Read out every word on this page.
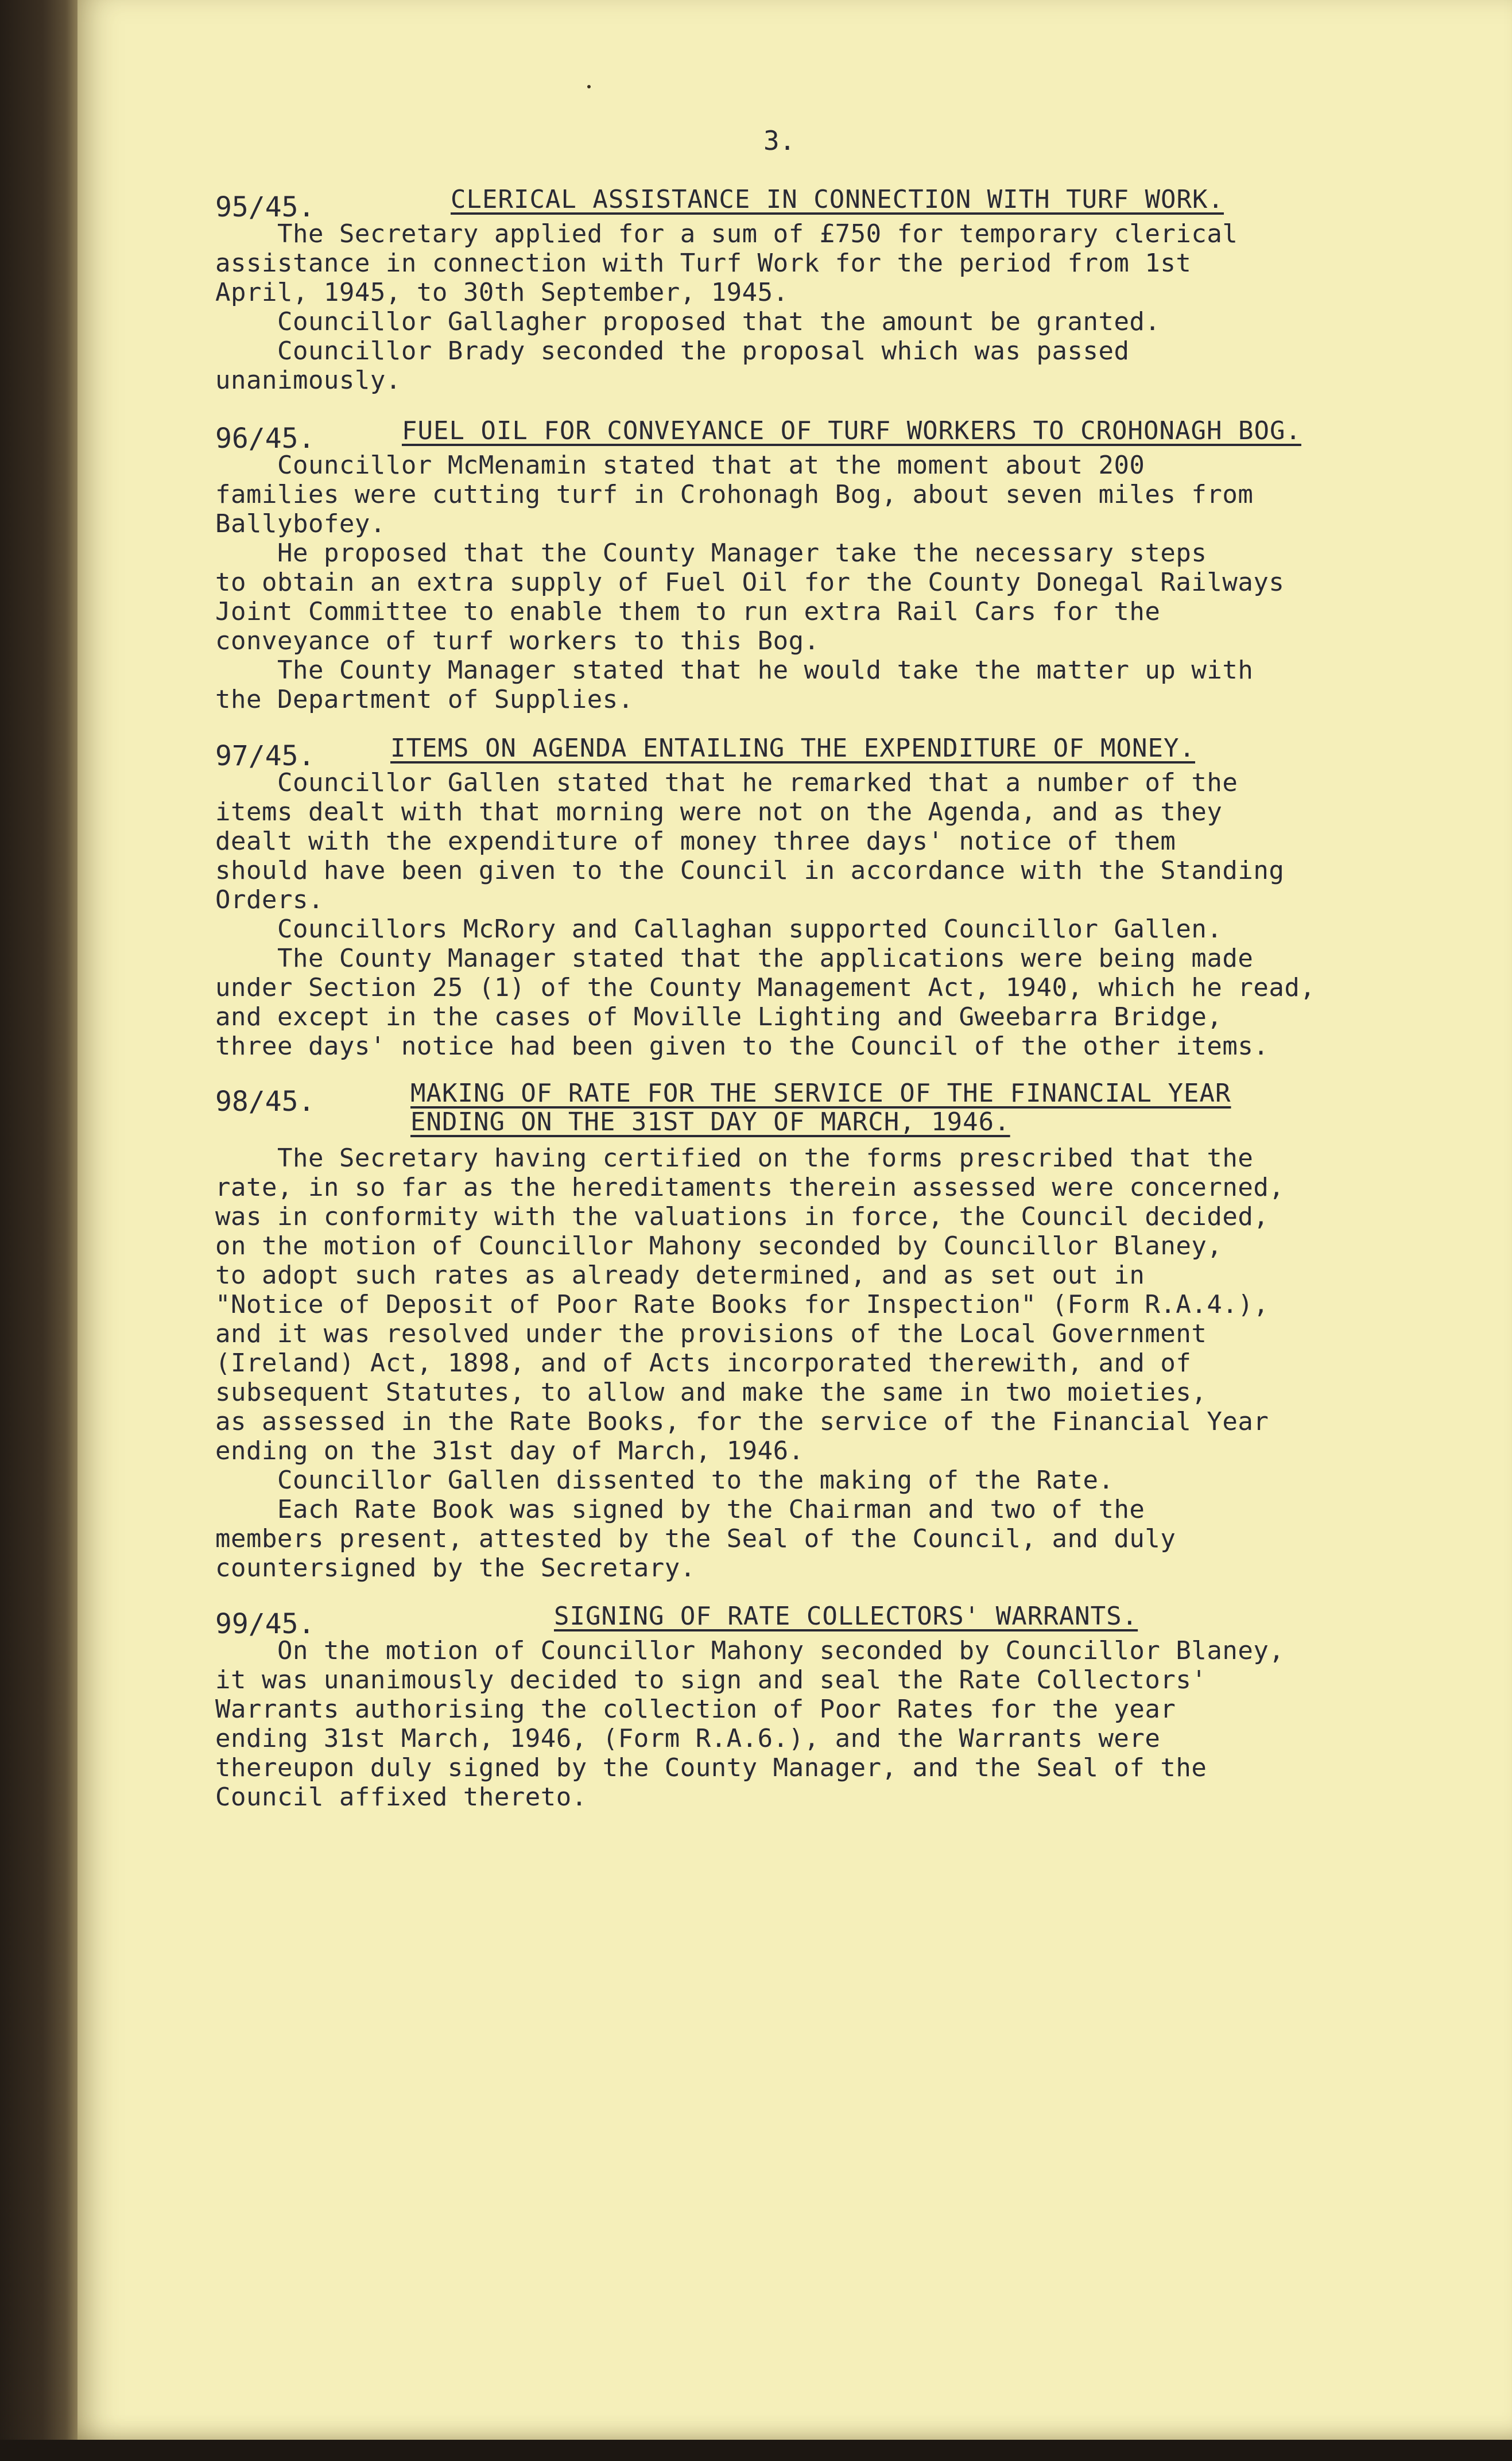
3.
95/45.	CLERICAL ASSISTANCE IN CONNECTION WITH TURF WORK.

The Secretary applied for a sum of £750 for temporary clerical
assistance in connection with Turf Work for the period from 1st
April, 1945, to 30th September, 1945.

Councillor Gallagher proposed that the amount be granted.

Councillor Brady seconded the proposal which was passed
unanimously.

96/45.	FUEL OIL FOR CONVEYANCE OF TURF WORKERS TO CROHONAGH BOG.

Councillor McMenamin stated that at the moment about 200
families were cutting turf in Crohonagh Bog, about seven miles from
Ballybofey.

He proposed that the County Manager take the necessary steps
to obtain an extra supply of Fuel Oil for the County Donegal Railways
Joint Committee to enable them to run extra Rail Cars for the
conveyance of turf workers to this Bog.

The County Manager stated that he would take the matter up with
the Department of Supplies.

97/45.	ITEMS ON AGENDA ENTAILING THE EXPENDITURE OF MONEY.

Councillor Gallen stated that he remarked that a number of the
items dealt with that morning were not on the Agenda, and as they
dealt with the expenditure of money three days' notice of them
should have been given to the Council in accordance with the Standing
Orders.

Councillors McRory and Callaghan supported Councillor Gallen.

The County Manager stated that the applications were being made
under Section 25 (1) of the County Management Act, 1940, which he read,
and except in the cases of Moville Lighting and Gweebarra Bridge,
three days' notice had been given to the Council of the other items.

98/45.	MAKING OF RATE FOR THE SERVICE OF THE FINANCIAL YEAR
ENDING ON THE 31ST DAY OF MARCH, 1946.

The Secretary having certified on the forms prescribed that the
rate, in so far as the hereditaments therein assessed were concerned,
was in conformity with the valuations in force, the Council decided,
on the motion of Councillor Mahony seconded by Councillor Blaney,
to adopt such rates as already determined, and as set out in
"Notice of Deposit of Poor Rate Books for Inspection" (Form R.A.4.),
and it was resolved under the provisions of the Local Government
(Ireland) Act, 1898, and of Acts incorporated therewith, and of
subsequent Statutes, to allow and make the same in two moieties,
as assessed in the Rate Books, for the service of the Financial Year
ending on the 31st day of March, 1946.

Councillor Gallen dissented to the making of the Rate.

Each Rate Book was signed by the Chairman and two of the
members present, attested by the Seal of the Council, and duly
countersigned by the Secretary.

99/45.	SIGNING OF RATE COLLECTORS' WARRANTS.

On the motion of Councillor Mahony seconded by Councillor Blaney,
it was unanimously decided to sign and seal the Rate Collectors'
Warrants authorising the collection of Poor Rates for the year
ending 31st March, 1946, (Form R.A.6.), and the Warrants were
thereupon duly signed by the County Manager, and the Seal of the
Council affixed thereto.
